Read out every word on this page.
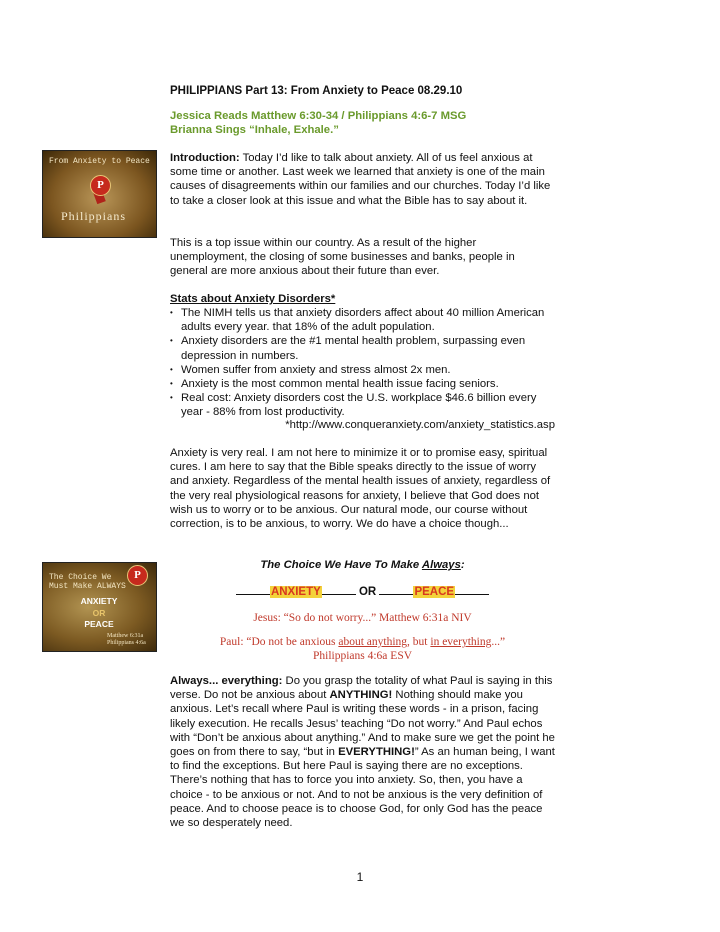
From Anxiety to Peace
P
Philippians

PHILIPPIANS Part 13: From Anxiety to Peace 08.29.10

Jessica Reads Matthew 6:30-34 / Philippians 4:6-7 MSG

Brianna Sings “Inhale, Exhale.”

Introduction: Today I’d like to talk about anxiety. All of us feel anxious at some time or another. Last week we learned that anxiety is one of the main causes of disagreements within our families and our churches. Today I’d like to take a closer look at this issue and what the Bible has to say about it.

This is a top issue within our country. As a result of the higher unemployment, the closing of some businesses and banks, people in general are more anxious about their future than ever.

Stats about Anxiety Disorders*

• The NIMH tells us that anxiety disorders affect about 40 million American adults every year. that 18% of the adult population.
• Anxiety disorders are the #1 mental health problem, surpassing even depression in numbers.
• Women suffer from anxiety and stress almost 2x men.
• Anxiety is the most common mental health issue facing seniors.
• Real cost: Anxiety disorders cost the U.S. workplace $46.6 billion every year - 88% from lost productivity.

*http://www.conqueranxiety.com/anxiety_statistics.asp

Anxiety is very real. I am not here to minimize it or to promise easy, spiritual cures. I am here to say that the Bible speaks directly to the issue of worry and anxiety. Regardless of the mental health issues of anxiety, regardless of the very real physiological reasons for anxiety, I believe that God does not wish us to worry or to be anxious. Our natural mode, our course without correction, is to be anxious, to worry. We do have a choice though...

The Choice We Have To Make Always:

The Choice We
Must Make ALWAYS
P
ANXIETY
OR
PEACE
Matthew 6:31a
Philippians 4:6a

ANXIETY	OR	PEACE

Jesus: “So do not worry...” Matthew 6:31a NIV

Paul: “Do not be anxious about anything, but in everything...”

Philippians 4:6a ESV

Always... everything: Do you grasp the totality of what Paul is saying in this verse. Do not be anxious about ANYTHING! Nothing should make you anxious. Let’s recall where Paul is writing these words - in a prison, facing likely execution. He recalls Jesus’ teaching “Do not worry.” And Paul echos with “Don’t be anxious about anything.” And to make sure we get the point he goes on from there to say, “but in EVERYTHING!” As an human being, I want to find the exceptions. But here Paul is saying there are no exceptions. There’s nothing that has to force you into anxiety. So, then, you have a choice - to be anxious or not. And to not be anxious is the very definition of peace. And to choose peace is to choose God, for only God has the peace we so desperately need.

1
